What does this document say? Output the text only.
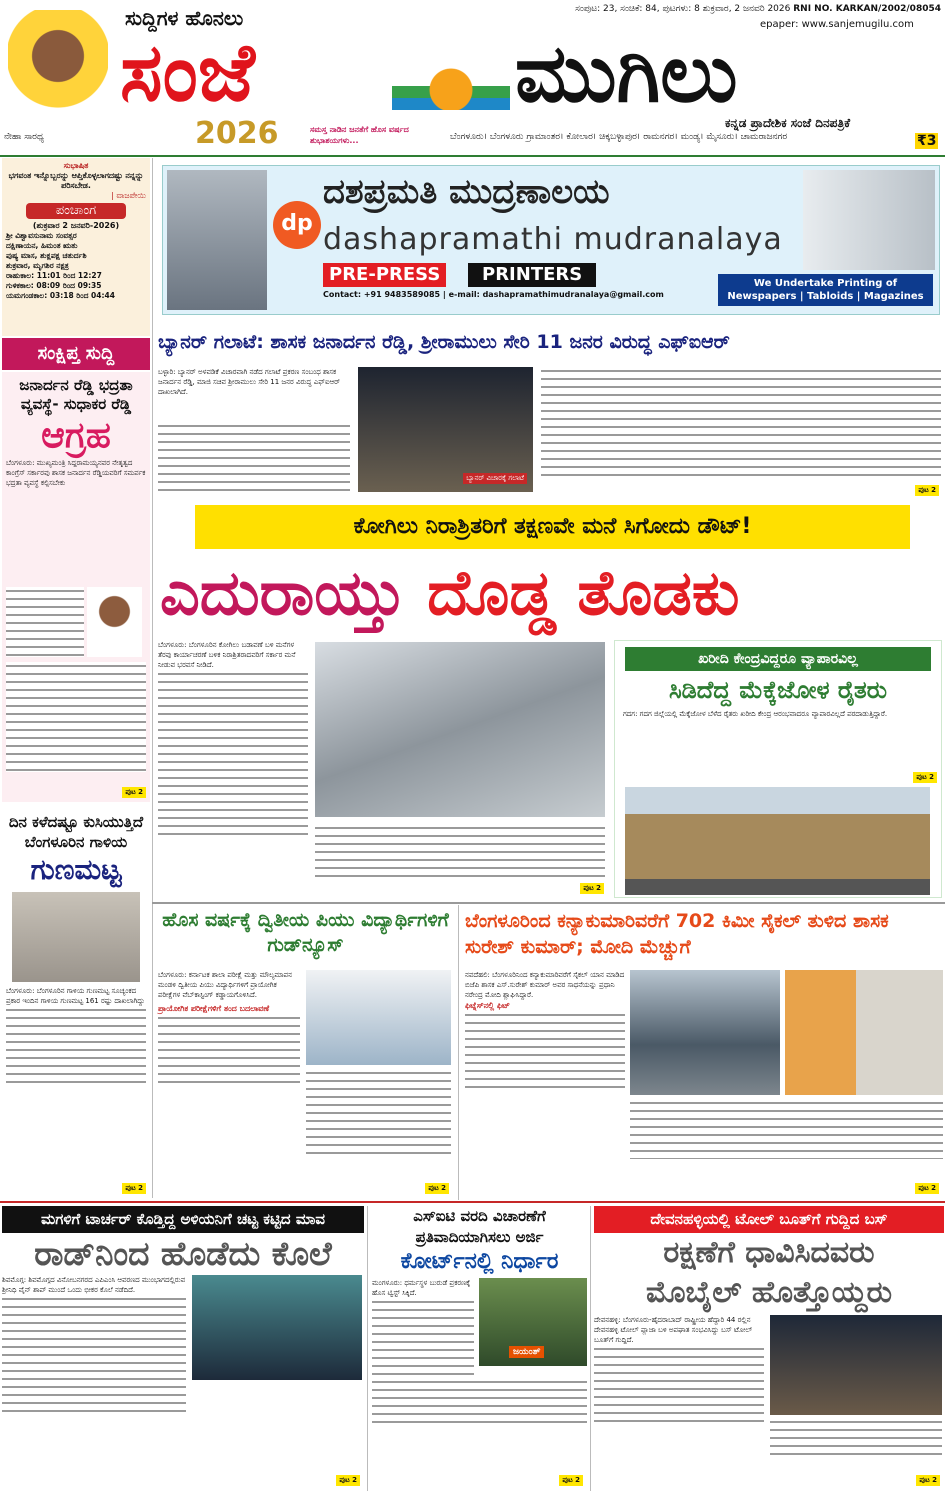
ನೇಹಾ ಸಾರಥ್ಯ
ಸುದ್ದಿಗಳ ಹೊನಲು
ಸಂಜೆ	ಮುಗಿಲು
2026	ಸಮಸ್ತ ನಾಡಿನ ಜನತೆಗೆ ಹೊಸ ವರ್ಷದ ಶುಭಾಶಯಗಳು...
ಸಂಪುಟ: 23, ಸಂಚಿಕೆ: 84, ಪುಟಗಳು: 8 ಶುಕ್ರವಾರ, 2 ಜನವರಿ 2026 RNI NO. KARKAN/2002/08054
epaper: www.sanjemugilu.com
ಕನ್ನಡ ಪ್ರಾದೇಶಿಕ ಸಂಜೆ ದಿನಪತ್ರಿಕೆ
ಬೆಂಗಳೂರು। ಬೆಂಗಳೂರು ಗ್ರಾಮಾಂತರ। ಕೋಲಾರ। ಚಿಕ್ಕಬಳ್ಳಾಪುರ। ರಾಮನಗರ। ಮಂಡ್ಯ। ಮೈಸೂರು। ಚಾಮರಾಜನಗರ	₹3
ಸುಭಾಷಿತ
ಭಗವಂತ ಇನ್ನೊಬ್ಬರನ್ನು ಆಪ್ತಿಕೊಳ್ಳಲಾಗದಷ್ಟು ನನ್ನನ್ನು ಪರಿಸಬೇಡ.
| ವಾಜಪೇಯಿ
ಪಂಚಾಂಗ
(ಶುಕ್ರವಾರ 2 ಜನವರಿ-2026)
ಶ್ರೀ ವಿಶ್ವಾವಸುನಾಮ ಸಂವತ್ಸರ
ದಕ್ಷಿಣಾಯನ, ಹಿಮಂತ ಋತು
ಪುಷ್ಯ ಮಾಸ, ಶುಕ್ಲಪಕ್ಷ ಚತುರ್ದಶಿ
ಶುಕ್ರವಾರ, ಮೃಗಶಿರ ನಕ್ಷತ್ರ
ರಾಹುಕಾಲ: 11:01 ರಿಂದ 12:27
ಗುಳಿಕಕಾಲ: 08:09 ರಿಂದ 09:35
ಯಮಗಂಡಕಾಲ: 03:18 ರಿಂದ 04:44
ಸಂಕ್ಷಿಪ್ತ ಸುದ್ದಿ
ಜನಾರ್ದನ ರೆಡ್ಡಿ ಭದ್ರತಾ ವ್ಯವಸ್ಥೆ- ಸುಧಾಕರ ರೆಡ್ಡಿ
ಆಗ್ರಹ
ಬೆಂಗಳೂರು: ಮುಖ್ಯಮಂತ್ರಿ ಸಿದ್ದರಾಮಯ್ಯನವರ ನೇತೃತ್ವದ ಕಾಂಗ್ರೆಸ್ ಸರ್ಕಾರವು ಶಾಸಕ ಜನಾರ್ದನ ರೆಡ್ಡಿಯವರಿಗೆ ಸಮರ್ಪಕ ಭದ್ರತಾ ವ್ಯವಸ್ಥೆ ಕಲ್ಪಿಸಬೇಕು
ಪುಟ 2
ದಿನ ಕಳೆದಷ್ಟೂ ಕುಸಿಯುತ್ತಿದೆ ಬೆಂಗಳೂರಿನ ಗಾಳಿಯ
ಗುಣಮಟ್ಟ
ಬೆಂಗಳೂರು: ಬೆಂಗಳೂರಿನ ಗಾಳಿಯ ಗುಣಮಟ್ಟ ಸೂಚ್ಯಂಕದ ಪ್ರಕಾರ ಇಂದಿನ ಗಾಳಿಯ ಗುಣಮಟ್ಟ 161 ರಷ್ಟು ದಾಖಲಾಗಿದ್ದು
ಪುಟ 2
dp
ದಶಪ್ರಮತಿ ಮುದ್ರಣಾಲಯ
dashapramathi mudranalaya
PRE-PRESS	PRINTERS
Contact: +91 9483589085 | e-mail: dashapramathimudranalaya@gmail.com
We Undertake Printing of Newspapers | Tabloids | Magazines
ಬ್ಯಾನರ್ ಗಲಾಟೆ: ಶಾಸಕ ಜನಾರ್ದನ ರೆಡ್ಡಿ, ಶ್ರೀರಾಮುಲು ಸೇರಿ 11 ಜನರ ವಿರುದ್ಧ ಎಫ್ಐಆರ್
ಬಳ್ಳಾರಿ: ಬ್ಯಾನರ್ ಅಳವಡಿಕೆ ವಿಚಾರವಾಗಿ ನಡೆದ ಗಲಾಟೆ ಪ್ರಕರಣ ಸಂಬಂಧ ಶಾಸಕ ಜನಾರ್ದನ ರೆಡ್ಡಿ, ಮಾಜಿ ಸಚಿವ ಶ್ರೀರಾಮುಲು ಸೇರಿ 11 ಜನರ ವಿರುದ್ಧ ಎಫ್ಐಆರ್ ದಾಖಲಾಗಿದೆ.
ಬ್ಯಾನರ್ ವಿಚಾರಕ್ಕೆ ಗಲಾಟೆ
ಪುಟ 2
ಕೋಗಿಲು ನಿರಾಶ್ರಿತರಿಗೆ ತಕ್ಷಣವೇ ಮನೆ ಸಿಗೋದು ಡೌಟ್!
ಎದುರಾಯ್ತು ದೊಡ್ಡ ತೊಡಕು
ಬೆಂಗಳೂರು: ಬೆಂಗಳೂರಿನ ಕೋಗಿಲು ಬಡಾವಣೆ ಬಳಿ ಮನೆಗಳ ತೆರವು ಕಾರ್ಯಾಚರಣೆ ಬಳಿಕ ನಿರಾಶ್ರಿತರಾದವರಿಗೆ ಸರ್ಕಾರ ಮನೆ ನೀಡುವ ಭರವಸೆ ನೀಡಿದೆ.
ಪುಟ 2
ಖರೀದಿ ಕೇಂದ್ರವಿದ್ದರೂ ವ್ಯಾಪಾರವಿಲ್ಲ
ಸಿಡಿದೆದ್ದ ಮೆಕ್ಕೆಜೋಳ ರೈತರು
ಗದಗ: ಗದಗ ಜಿಲ್ಲೆಯಲ್ಲಿ ಮೆಕ್ಕೆಜೋಳ ಬೆಳೆದ ರೈತರು ಖರೀದಿ ಕೇಂದ್ರ ಆರಂಭವಾದರೂ ವ್ಯಾಪಾರವಿಲ್ಲದೆ ಪರದಾಡುತ್ತಿದ್ದಾರೆ.
ಪುಟ 2
ಹೊಸ ವರ್ಷಕ್ಕೆ ದ್ವಿತೀಯ ಪಿಯು ವಿದ್ಯಾರ್ಥಿಗಳಿಗೆ ಗುಡ್‌ನ್ಯೂಸ್
ಬೆಂಗಳೂರು: ಕರ್ನಾಟಕ ಶಾಲಾ ಪರೀಕ್ಷೆ ಮತ್ತು ಮೌಲ್ಯಮಾಪನ ಮಂಡಳಿ ದ್ವಿತೀಯ ಪಿಯು ವಿದ್ಯಾರ್ಥಿಗಳಿಗೆ ಪ್ರಾಯೋಗಿಕ ಪರೀಕ್ಷೆಗಳ ವೆಬ್‌ಕಾಸ್ಟಿಂಗ್ ಕಡ್ಡಾಯಗೊಳಿಸಿದೆ.
ಪ್ರಾಯೋಗಿಕ ಪರೀಕ್ಷೆಗಳಿಗೆ ತಂದ ಬದಲಾವಣೆ
ಪುಟ 2
ಬೆಂಗಳೂರಿಂದ ಕನ್ಯಾಕುಮಾರಿವರೆಗೆ 702 ಕಿಮೀ ಸೈಕಲ್ ತುಳಿದ ಶಾಸಕ ಸುರೇಶ್ ಕುಮಾರ್; ಮೋದಿ ಮೆಚ್ಚುಗೆ
ನವದೆಹಲಿ: ಬೆಂಗಳೂರಿನಿಂದ ಕನ್ಯಾಕುಮಾರಿವರೆಗೆ ಸೈಕಲ್ ಯಾನ ಮಾಡಿದ ಬಿಜೆಪಿ ಶಾಸಕ ಎಸ್.ಸುರೇಶ್ ಕುಮಾರ್ ಅವರ ಸಾಧನೆಯನ್ನು ಪ್ರಧಾನಿ ನರೇಂದ್ರ ಮೋದಿ ಶ್ಲಾಘಿಸಿದ್ದಾರೆ.
ಫಿಟ್ನೆಸ್‌ನಲ್ಲಿ ಫಿಟ್
ಪುಟ 2
ಮಗಳಿಗೆ ಟಾರ್ಚರ್ ಕೊಡ್ತಿದ್ದ ಅಳಿಯನಿಗೆ ಚಟ್ಟ ಕಟ್ಟಿದ ಮಾವ
ರಾಡ್‌ನಿಂದ ಹೊಡೆದು ಕೊಲೆ
ಶಿವಮೊಗ್ಗ: ಶಿವಮೊಗ್ಗದ ವಿನೋಬನಗರದ ಎಪಿಎಂಸಿ ಆವರಣದ ಮುಂಭಾಗದಲ್ಲಿರುವ ಶ್ರೀನಿಧಿ ವೈನ್ ಶಾಪ್ ಮುಂದೆ ಒಂದು ಭೀಕರ ಕೊಲೆ ನಡೆದಿದೆ.
ಪುಟ 2
ಎಸ್ಐಟಿ ವರದಿ ವಿಚಾರಣೆಗೆ ಪ್ರತಿವಾದಿಯಾಗಿಸಲು ಅರ್ಜಿ
ಕೋರ್ಟ್‌ನಲ್ಲಿ ನಿರ್ಧಾರ
ಮಂಗಳೂರು: ಧರ್ಮಸ್ಥಳ ಬುರುಡೆ ಪ್ರಕರಣಕ್ಕೆ ಹೊಸ ಟ್ವಿಸ್ಟ್ ಸಿಕ್ಕಿದೆ.
ಜಯಂತ್
ಪುಟ 2
ದೇವನಹಳ್ಳಿಯಲ್ಲಿ ಟೋಲ್ ಬೂತ್‌ಗೆ ಗುದ್ದಿದ ಬಸ್
ರಕ್ಷಣೆಗೆ ಧಾವಿಸಿದವರು
ಮೊಬೈಲ್ ಹೊತ್ತೊಯ್ದರು
ದೇವನಹಳ್ಳಿ: ಬೆಂಗಳೂರು-ಹೈದರಾಬಾದ್ ರಾಷ್ಟ್ರೀಯ ಹೆದ್ದಾರಿ 44 ರಲ್ಲಿನ ದೇವನಹಳ್ಳಿ ಟೋಲ್ ಪ್ಲಾಜಾ ಬಳಿ ಅಪಘಾತ ಸಂಭವಿಸಿದ್ದು ಬಸ್ ಟೋಲ್ ಬೂತ್‌ಗೆ ಗುದ್ದಿದೆ.
ಪುಟ 2
